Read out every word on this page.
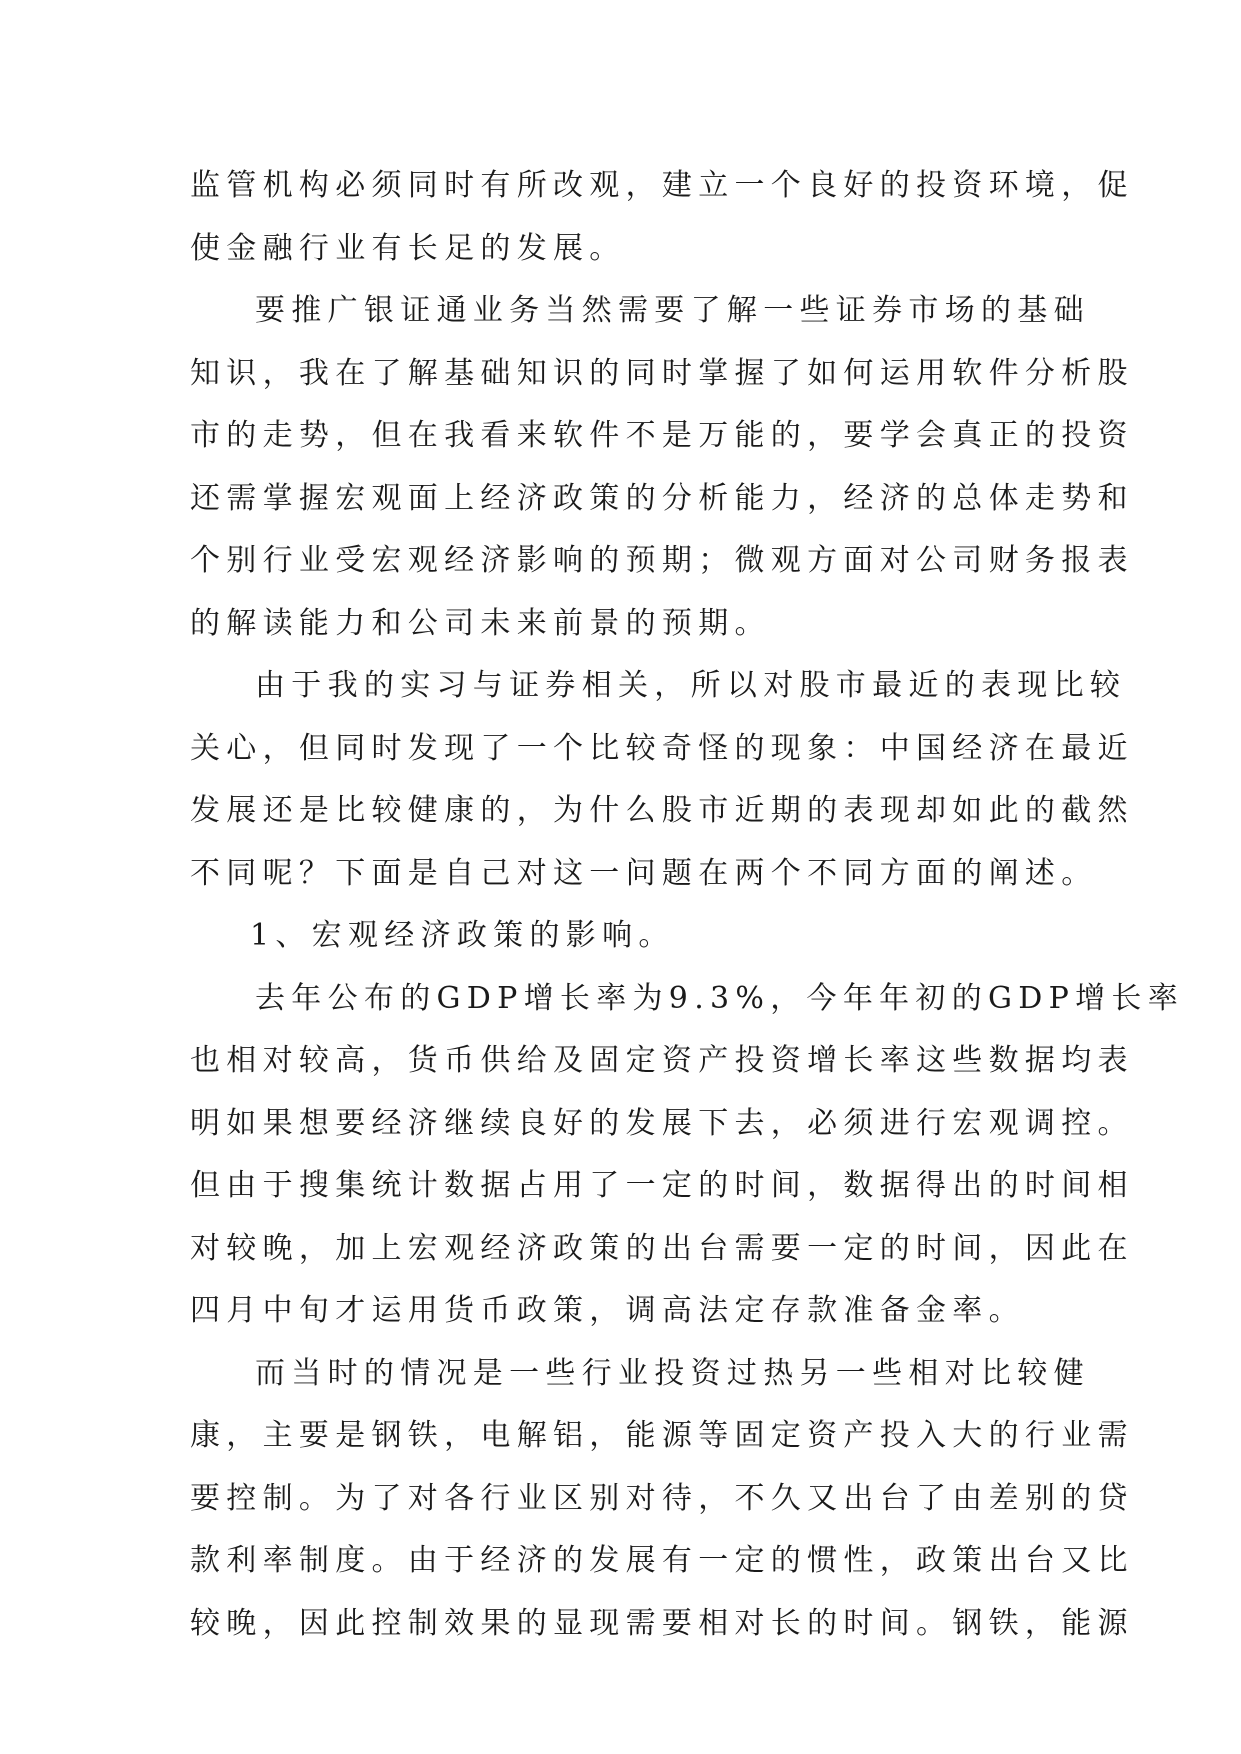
监管机构必须同时有所改观，建立一个良好的投资环境，促
使金融行业有长足的发展。
要推广银证通业务当然需要了解一些证券市场的基础
知识，我在了解基础知识的同时掌握了如何运用软件分析股
市的走势，但在我看来软件不是万能的，要学会真正的投资
还需掌握宏观面上经济政策的分析能力，经济的总体走势和
个别行业受宏观经济影响的预期；微观方面对公司财务报表
的解读能力和公司未来前景的预期。
由于我的实习与证券相关，所以对股市最近的表现比较
关心，但同时发现了一个比较奇怪的现象：中国经济在最近
发展还是比较健康的，为什么股市近期的表现却如此的截然
不同呢？下面是自己对这一问题在两个不同方面的阐述。
1、宏观经济政策的影响。
去年公布的GDP增长率为9.3%，今年年初的GDP增长率
也相对较高，货币供给及固定资产投资增长率这些数据均表
明如果想要经济继续良好的发展下去，必须进行宏观调控。
但由于搜集统计数据占用了一定的时间，数据得出的时间相
对较晚，加上宏观经济政策的出台需要一定的时间，因此在
四月中旬才运用货币政策，调高法定存款准备金率。
而当时的情况是一些行业投资过热另一些相对比较健
康，主要是钢铁，电解铝，能源等固定资产投入大的行业需
要控制。为了对各行业区别对待，不久又出台了由差别的贷
款利率制度。由于经济的发展有一定的惯性，政策出台又比
较晚，因此控制效果的显现需要相对长的时间。钢铁，能源
